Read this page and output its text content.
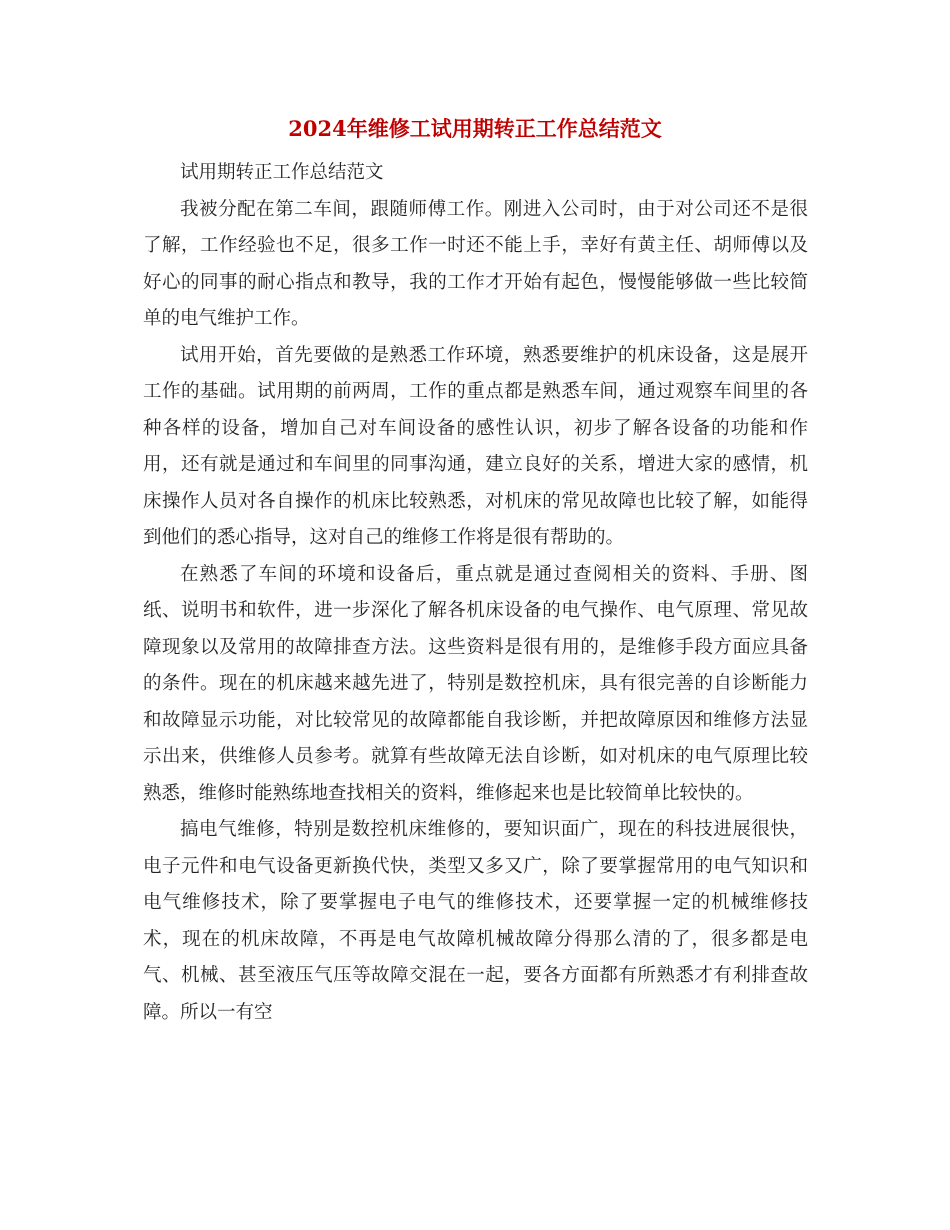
2024年维修工试用期转正工作总结范文

试用期转正工作总结范文

我被分配在第二车间，跟随师傅工作。刚进入公司时，由于对公司还不是很了解，工作经验也不足，很多工作一时还不能上手，幸好有黄主任、胡师傅以及好心的同事的耐心指点和教导，我的工作才开始有起色，慢慢能够做一些比较简单的电气维护工作。

试用开始，首先要做的是熟悉工作环境，熟悉要维护的机床设备，这是展开工作的基础。试用期的前两周，工作的重点都是熟悉车间，通过观察车间里的各种各样的设备，增加自己对车间设备的感性认识，初步了解各设备的功能和作用，还有就是通过和车间里的同事沟通，建立良好的关系，增进大家的感情，机床操作人员对各自操作的机床比较熟悉，对机床的常见故障也比较了解，如能得到他们的悉心指导，这对自己的维修工作将是很有帮助的。

在熟悉了车间的环境和设备后，重点就是通过查阅相关的资料、手册、图纸、说明书和软件，进一步深化了解各机床设备的电气操作、电气原理、常见故障现象以及常用的故障排查方法。这些资料是很有用的，是维修手段方面应具备的条件。现在的机床越来越先进了，特别是数控机床，具有很完善的自诊断能力和故障显示功能，对比较常见的故障都能自我诊断，并把故障原因和维修方法显示出来，供维修人员参考。就算有些故障无法自诊断，如对机床的电气原理比较熟悉，维修时能熟练地查找相关的资料，维修起来也是比较简单比较快的。

搞电气维修，特别是数控机床维修的，要知识面广，现在的科技进展很快，电子元件和电气设备更新换代快，类型又多又广，除了要掌握常用的电气知识和电气维修技术，除了要掌握电子电气的维修技术，还要掌握一定的机械维修技术，现在的机床故障，不再是电气故障机械故障分得那么清的了，很多都是电气、机械、甚至液压气压等故障交混在一起，要各方面都有所熟悉才有利排查故障。所以一有空
